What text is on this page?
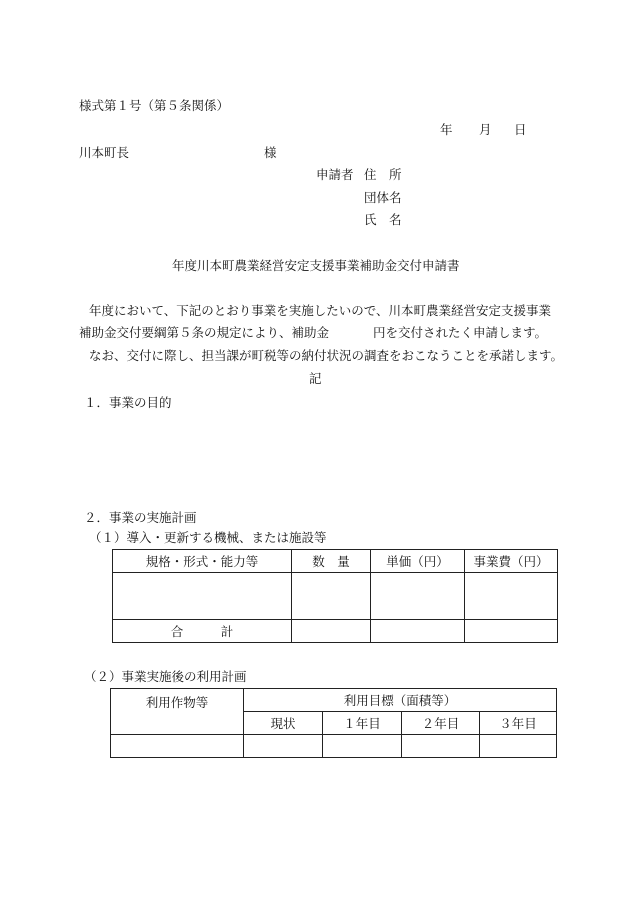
様式第１号（第５条関係）
年 月 日
川本町長	様
申請者 住　所
団体名
氏　名
年度川本町農業経営安定支援事業補助金交付申請書
年度において、下記のとおり事業を実施したいので、川本町農業経営安定支援事業
補助金交付要綱第５条の規定により、補助金	円を交付されたく申請します。
なお、交付に際し、担当課が町税等の納付状況の調査をおこなうことを承諾します。
記
１．事業の目的
２．事業の実施計画
（１）導入・更新する機械、または施設等
規格・形式・能力等	数　量	単価（円）	事業費（円）

合　　　計			
（２）事業実施後の利用計画
利用作物等	利用目標（面積等）			
	現状	１年目	２年目	３年目
